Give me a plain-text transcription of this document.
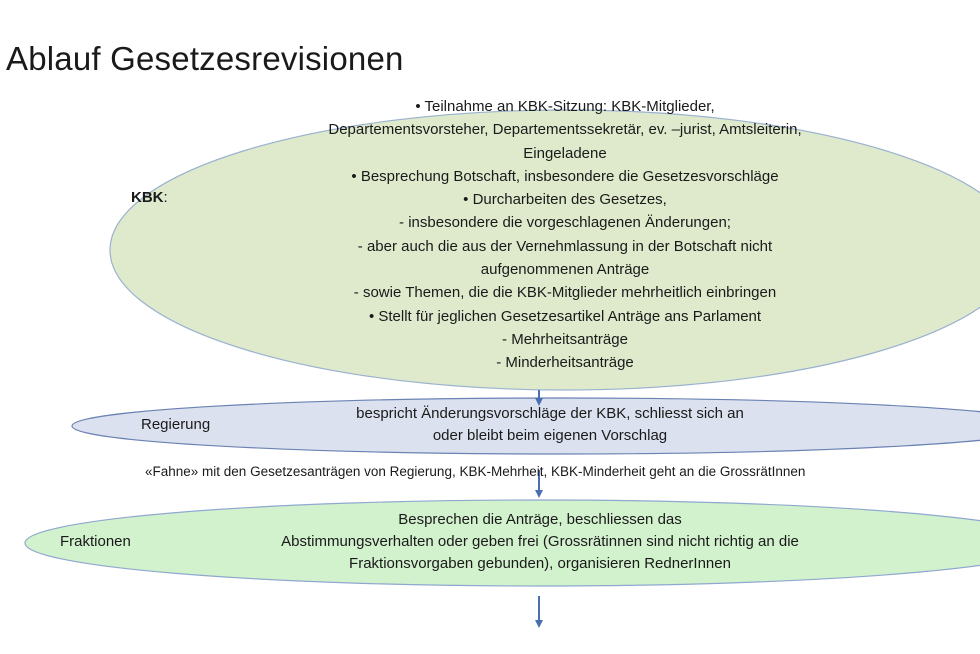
Ablauf Gesetzesrevisionen
KBK:
• Teilnahme an KBK-Sitzung: KBK-Mitglieder,
Departementsvorsteher, Departementssekretär, ev. –jurist, Amtsleiterin,
Eingeladene
• Besprechung Botschaft, insbesondere die Gesetzesvorschläge
• Durcharbeiten des Gesetzes,
- insbesondere die vorgeschlagenen Änderungen;
- aber auch die aus der Vernehmlassung in der Botschaft nicht
aufgenommenen Anträge
- sowie Themen, die die KBK-Mitglieder mehrheitlich einbringen
• Stellt für jeglichen Gesetzesartikel Anträge ans Parlament
- Mehrheitsanträge
- Minderheitsanträge
Regierung
bespricht Änderungsvorschläge der KBK, schliesst sich an
oder bleibt beim eigenen Vorschlag
«Fahne» mit den Gesetzesanträgen von Regierung, KBK-Mehrheit, KBK-Minderheit geht an die GrossrätInnen
Fraktionen
Besprechen die Anträge, beschliessen das
Abstimmungsverhalten oder geben frei (Grossrätinnen sind nicht richtig an die
Fraktionsvorgaben gebunden), organisieren RednerInnen
